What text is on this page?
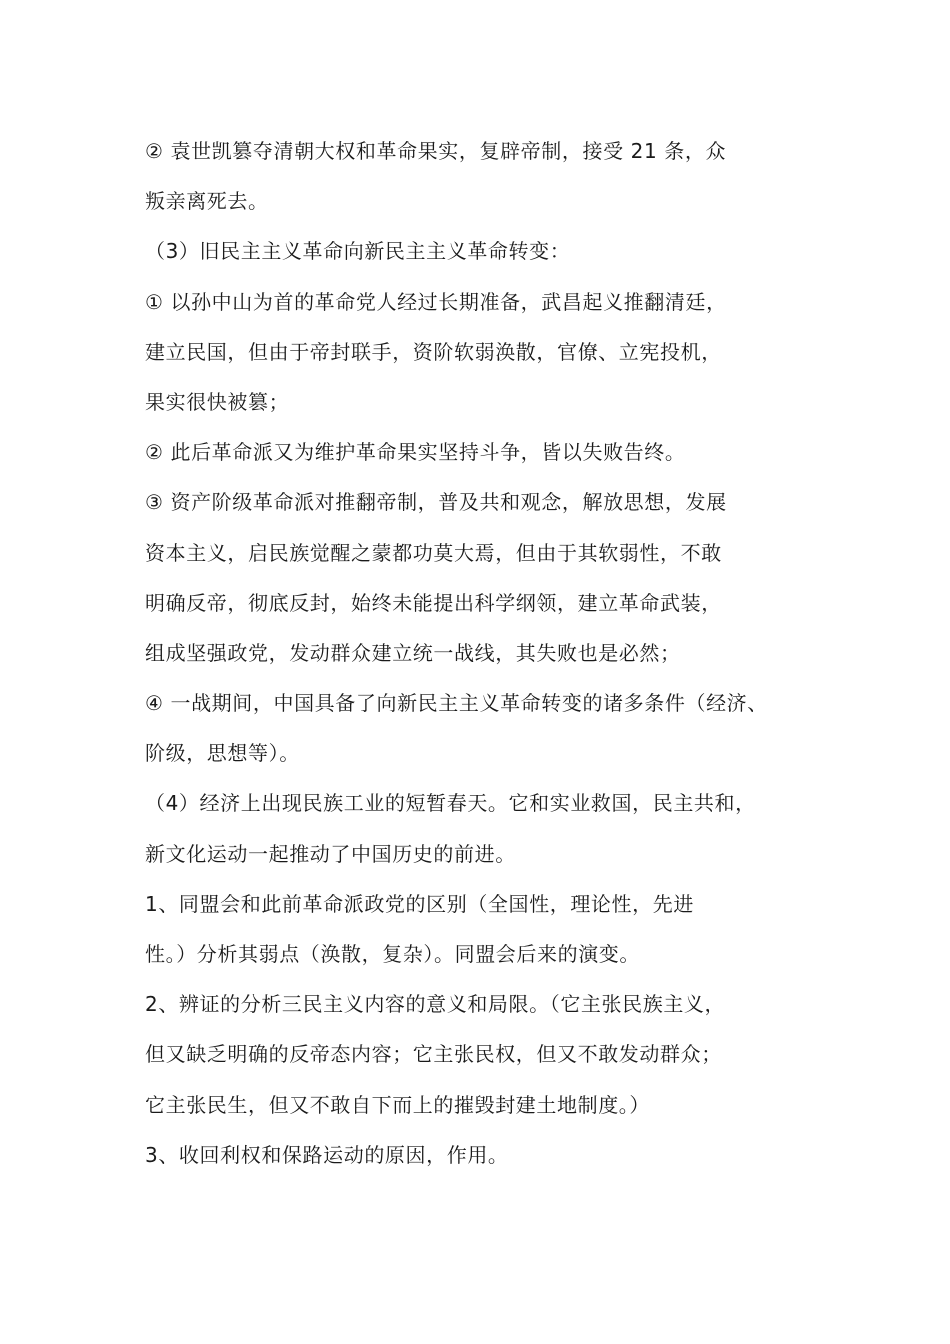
② 袁世凯篡夺清朝大权和革命果实，复辟帝制，接受 21 条，众
叛亲离死去。
（3）旧民主主义革命向新民主主义革命转变：
① 以孙中山为首的革命党人经过长期准备，武昌起义推翻清廷，
建立民国，但由于帝封联手，资阶软弱涣散，官僚、立宪投机，
果实很快被篡；
② 此后革命派又为维护革命果实坚持斗争，皆以失败告终。
③ 资产阶级革命派对推翻帝制，普及共和观念，解放思想，发展
资本主义，启民族觉醒之蒙都功莫大焉，但由于其软弱性，不敢
明确反帝，彻底反封，始终未能提出科学纲领，建立革命武装，
组成坚强政党，发动群众建立统一战线，其失败也是必然；
④ 一战期间，中国具备了向新民主主义革命转变的诸多条件（经济、
阶级，思想等）。
（4）经济上出现民族工业的短暂春天。它和实业救国，民主共和，
新文化运动一起推动了中国历史的前进。
1、同盟会和此前革命派政党的区别（全国性，理论性，先进
性。）分析其弱点（涣散，复杂）。同盟会后来的演变。
2、辨证的分析三民主义内容的意义和局限。（它主张民族主义，
但又缺乏明确的反帝态内容；它主张民权，但又不敢发动群众；
它主张民生，但又不敢自下而上的摧毁封建土地制度。）
3、收回利权和保路运动的原因，作用。
